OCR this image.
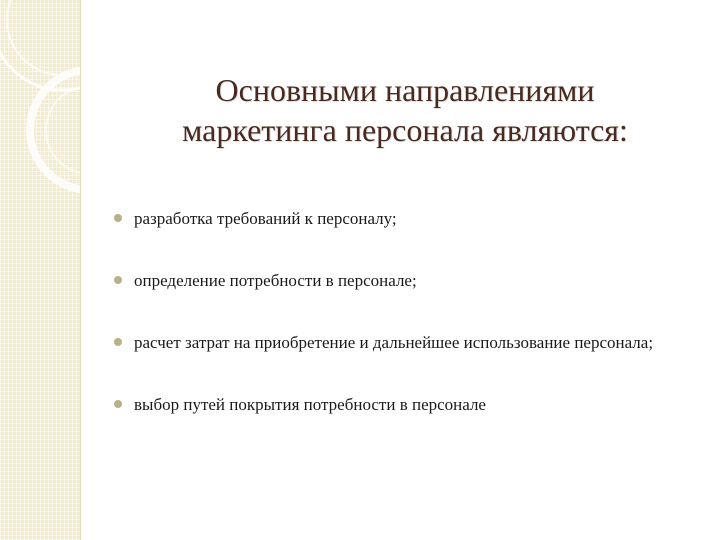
Основными направлениями
маркетинга персонала являются:
разработка требований к персоналу;
определение потребности в персонале;
расчет затрат на приобретение и дальнейшее использование персонала;
выбор путей покрытия потребности в персонале
